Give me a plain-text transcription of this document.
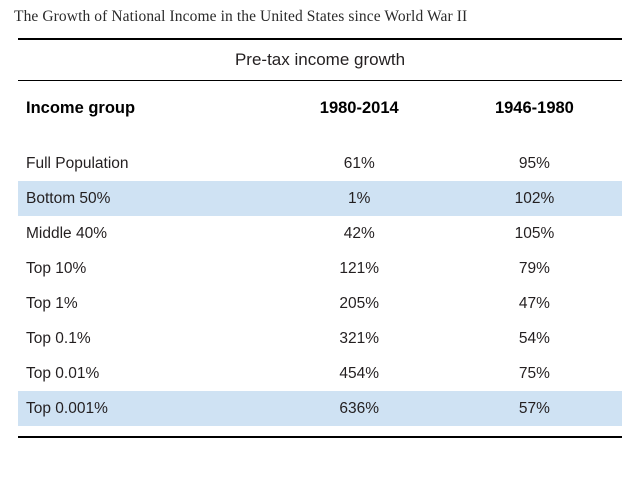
The Growth of National Income in the United States since World War II
Pre-tax income growth
Income group	1980-2014	1946-1980

Full Population	61%	95%
Bottom 50%	1%	102%
Middle 40%	42%	105%
Top 10%	121%	79%
Top 1%	205%	47%
Top 0.1%	321%	54%
Top 0.01%	454%	75%
Top 0.001%	636%	57%
